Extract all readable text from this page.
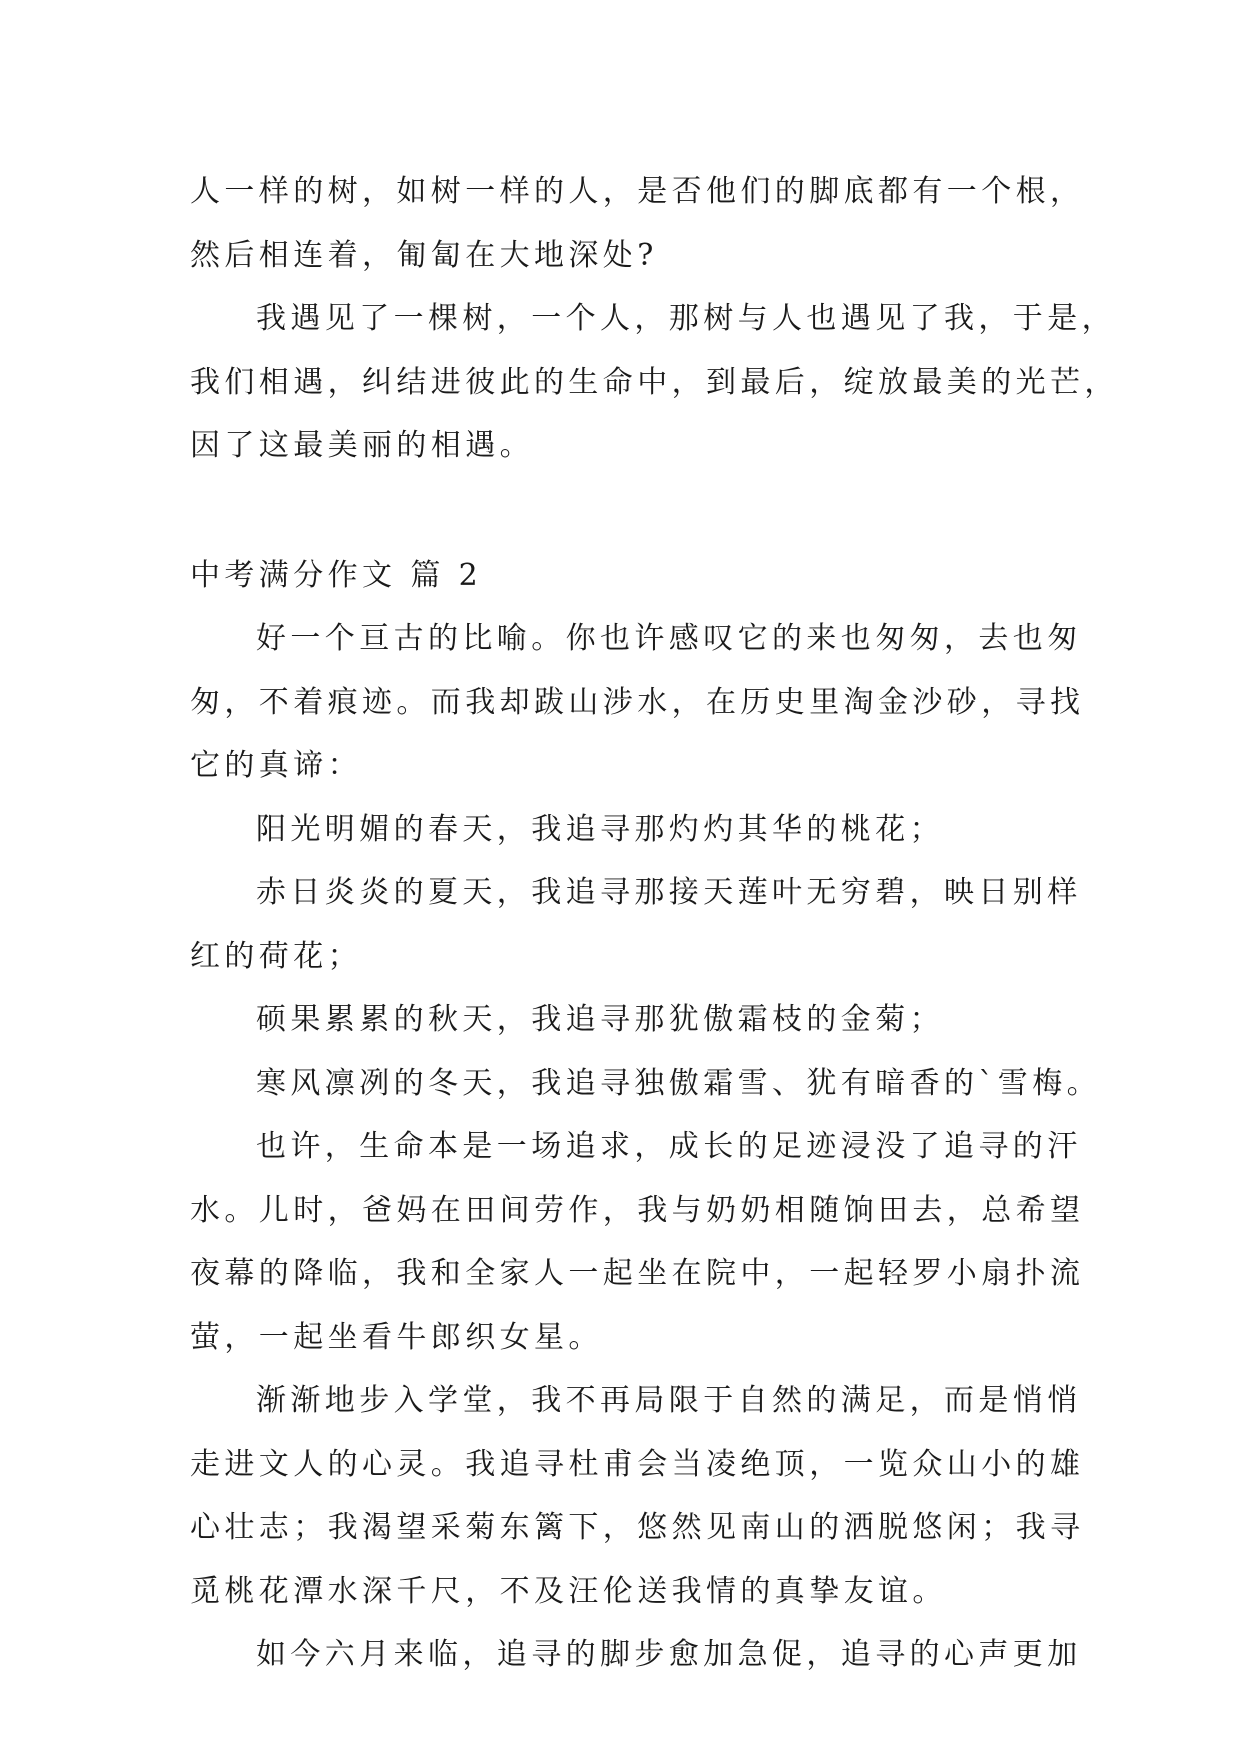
人一样的树，如树一样的人，是否他们的脚底都有一个根，
然后相连着，匍匐在大地深处?
我遇见了一棵树，一个人，那树与人也遇见了我，于是，
我们相遇，纠结进彼此的生命中，到最后，绽放最美的光芒，
因了这最美丽的相遇。
中考满分作文 篇 2
好一个亘古的比喻。你也许感叹它的来也匆匆，去也匆
匆，不着痕迹。而我却跋山涉水，在历史里淘金沙砂，寻找
它的真谛：
阳光明媚的春天，我追寻那灼灼其华的桃花；
赤日炎炎的夏天，我追寻那接天莲叶无穷碧，映日别样
红的荷花；
硕果累累的秋天，我追寻那犹傲霜枝的金菊；
寒风凛冽的冬天，我追寻独傲霜雪、犹有暗香的`雪梅。
也许，生命本是一场追求，成长的足迹浸没了追寻的汗
水。儿时，爸妈在田间劳作，我与奶奶相随饷田去，总希望
夜幕的降临，我和全家人一起坐在院中，一起轻罗小扇扑流
萤，一起坐看牛郎织女星。
渐渐地步入学堂，我不再局限于自然的满足，而是悄悄
走进文人的心灵。我追寻杜甫会当凌绝顶，一览众山小的雄
心壮志；我渴望采菊东篱下，悠然见南山的洒脱悠闲；我寻
觅桃花潭水深千尺，不及汪伦送我情的真挚友谊。
如今六月来临，追寻的脚步愈加急促，追寻的心声更加
